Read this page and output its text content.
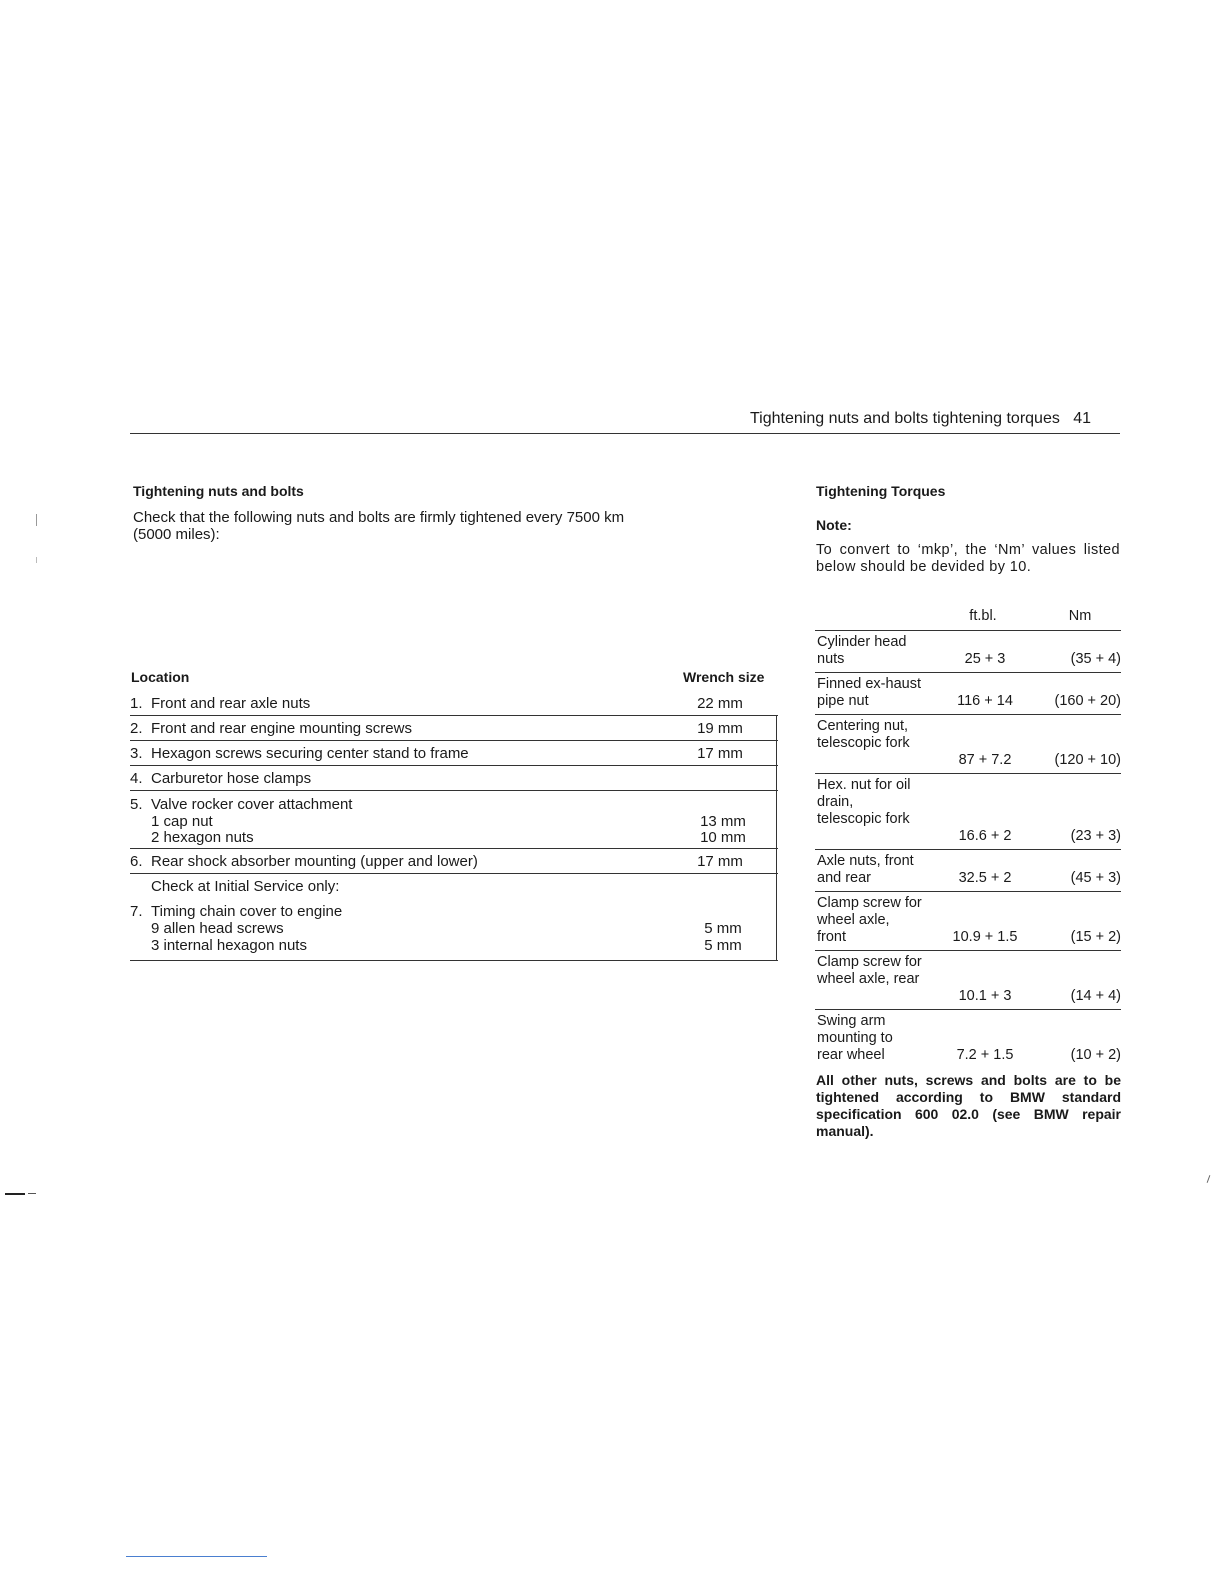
Tightening nuts and bolts tightening torques 41
Tightening nuts and bolts
Check that the following nuts and bolts are firmly tightened every 7500 km
(5000 miles):
Location	Wrench size
1. Front and rear axle nuts	22 mm
2. Front and rear engine mounting screws	19 mm
3. Hexagon screws securing center stand to frame	17 mm
4. Carburetor hose clamps
5. Valve rocker cover attachment
1 cap nut	13 mm
2 hexagon nuts	10 mm
6. Rear shock absorber mounting (upper and lower)	17 mm
Check at Initial Service only:
7. Timing chain cover to engine
9 allen head screws	5 mm
3 internal hexagon nuts	5 mm
Tightening Torques
Note:
To convert to ‘mkp’, the ‘Nm’ values listed below should be devided by 10.
ft.bl.	Nm
Cylinder head nuts	25 + 3	(35 + 4)
Finned ex-haust pipe nut	116 + 14	(160 + 20)
Centering nut, telescopic fork
87 + 7.2	(120 + 10)
Hex. nut for oil drain, telescopic fork
16.6 + 2	(23 + 3)
Axle nuts, front and rear	32.5 + 2	(45 + 3)
Clamp screw for wheel axle, front	10.9 + 1.5	(15 + 2)
Clamp screw for wheel axle, rear
10.1 + 3	(14 + 4)
Swing arm mounting to rear wheel	7.2 + 1.5	(10 + 2)
All other nuts, screws and bolts are to be tightened according to BMW standard specification 600 02.0 (see BMW repair manual).
